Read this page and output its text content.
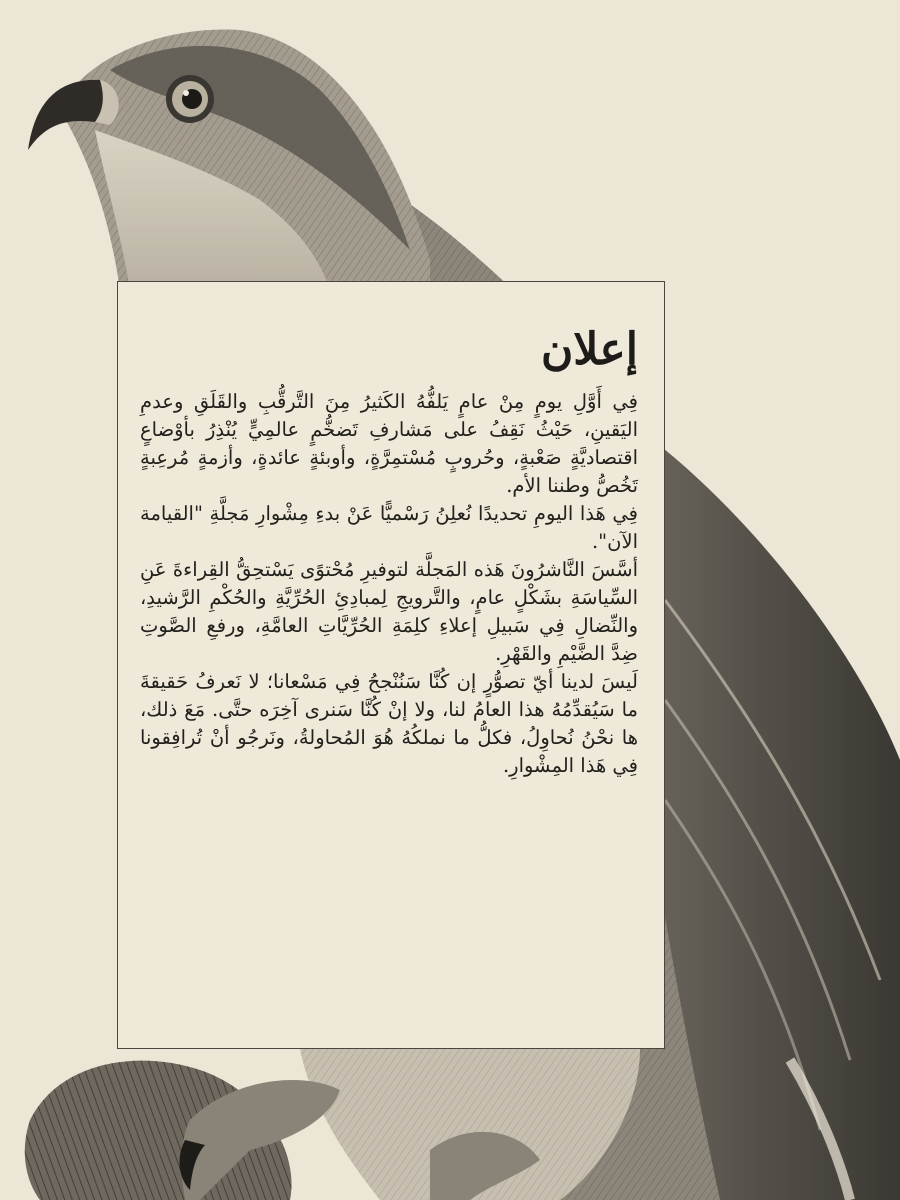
إعلان

فِي أَوَّلِ يومٍ مِنْ عامٍ يَلفُّهُ الكَثيرُ مِنَ التَّرقُّبِ والقَلَقِ وعدمِ اليَقينِ، حَيْثُ نَقِفُ على مَشارفِ تَضخُّمٍ عالمِيٍّ يُنْذِرُ بأوْضاعٍ اقتصاديَّةٍ صَعْبةٍ، وحُروبٍ مُسْتمِرَّةٍ، وأوبئةٍ عائدةٍ، وأزمةٍ مُرعِبةٍ تَخُصُّ وطننا الأم.

فِي هَذا اليومِ تحديدًا نُعلِنُ رَسْميًّا عَنْ بدءِ مِشْوارِ مَجلَّةِ "القيامة الآن".

أسَّسَ النَّاشرُونَ هَذه المَجلَّة لتوفيرِ مُحْتوًى يَسْتحِقُّ القِراءةَ عَنِ السِّياسَةِ بشَكْلٍ عامٍ، والتَّرويجِ لِمبادِئِ الحُرِّيَّةِ والحُكْمِ الرَّشيدِ، والنِّضالِ فِي سَبيلِ إعلاءِ كلِمَةِ الحُرِّيَّاتِ العامَّةِ، ورفعِ الصَّوتِ ضِدَّ الضَّيْمِ والقَهْرِ.

لَيسَ لدينا أيّ تصوُّرٍ إن كُنَّا سَنُنْجحُ فِي مَسْعانا؛ لا نَعرفُ حَقيقةَ ما سَيُقدِّمُهُ هذا العامُ لنا، ولا إنْ كُنَّا سَنرى آخِرَه حتَّى. مَعَ ذلك، ها نحْنُ نُحاوِلُ، فكلُّ ما نملكُهُ هُوَ المُحاولةُ، ونَرجُو أنْ تُرافِقونا فِي هَذا المِشْوارِ.
